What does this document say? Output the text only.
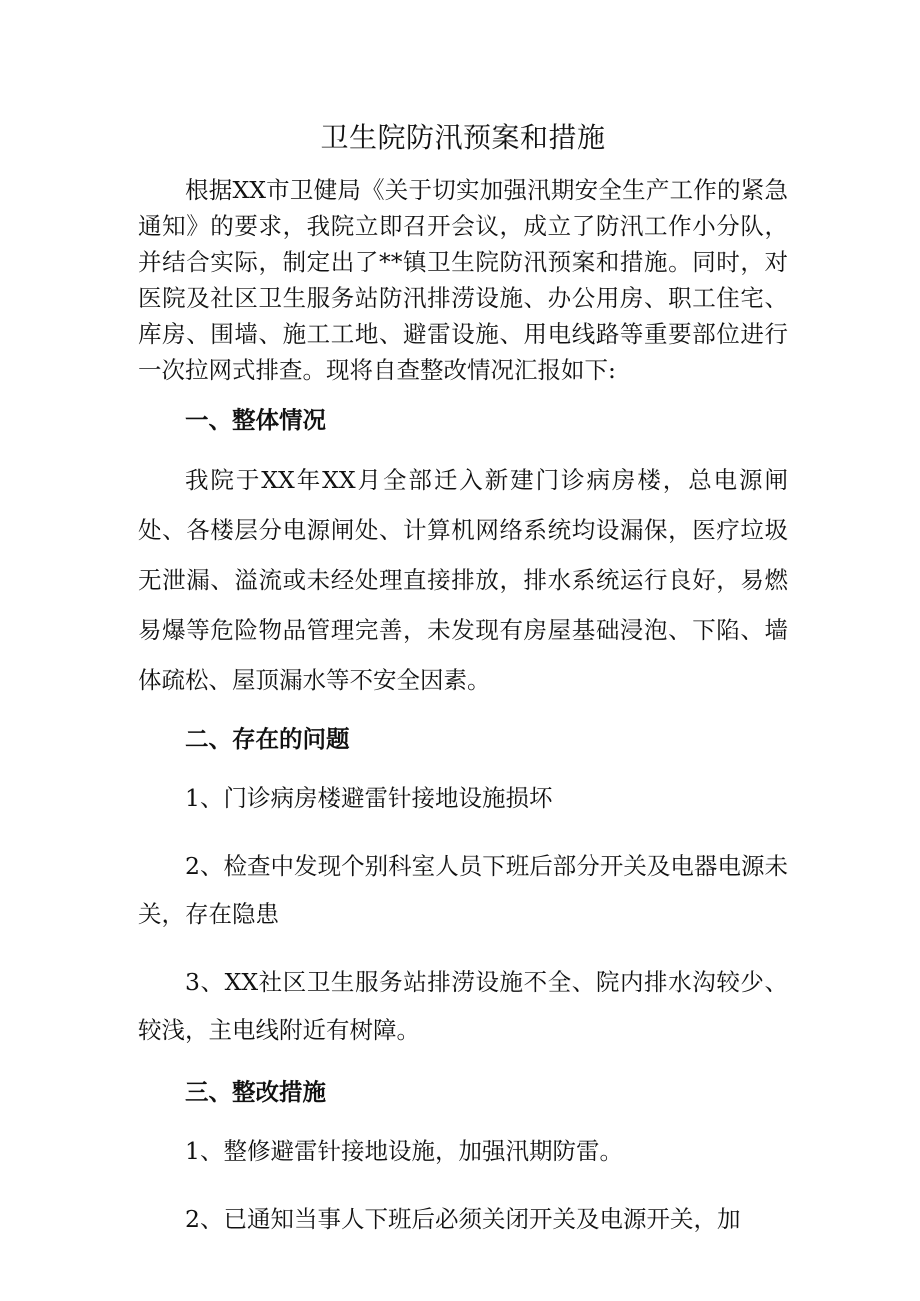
卫生院防汛预案和措施

根据XX市卫健局《关于切实加强汛期安全生产工作的紧急通知》的要求，我院立即召开会议，成立了防汛工作小分队，并结合实际，制定出了**镇卫生院防汛预案和措施。同时，对医院及社区卫生服务站防汛排涝设施、办公用房、职工住宅、库房、围墙、施工工地、避雷设施、用电线路等重要部位进行一次拉网式排查。现将自查整改情况汇报如下:

一、整体情况

我院于XX年XX月全部迁入新建门诊病房楼，总电源闸处、各楼层分电源闸处、计算机网络系统均设漏保，医疗垃圾无泄漏、溢流或未经处理直接排放，排水系统运行良好，易燃易爆等危险物品管理完善，未发现有房屋基础浸泡、下陷、墙体疏松、屋顶漏水等不安全因素。

二、存在的问题

1、门诊病房楼避雷针接地设施损坏

2、检查中发现个别科室人员下班后部分开关及电器电源未关，存在隐患

3、XX社区卫生服务站排涝设施不全、院内排水沟较少、较浅，主电线附近有树障。

三、整改措施

1、整修避雷针接地设施，加强汛期防雷。

2、已通知当事人下班后必须关闭开关及电源开关，加
